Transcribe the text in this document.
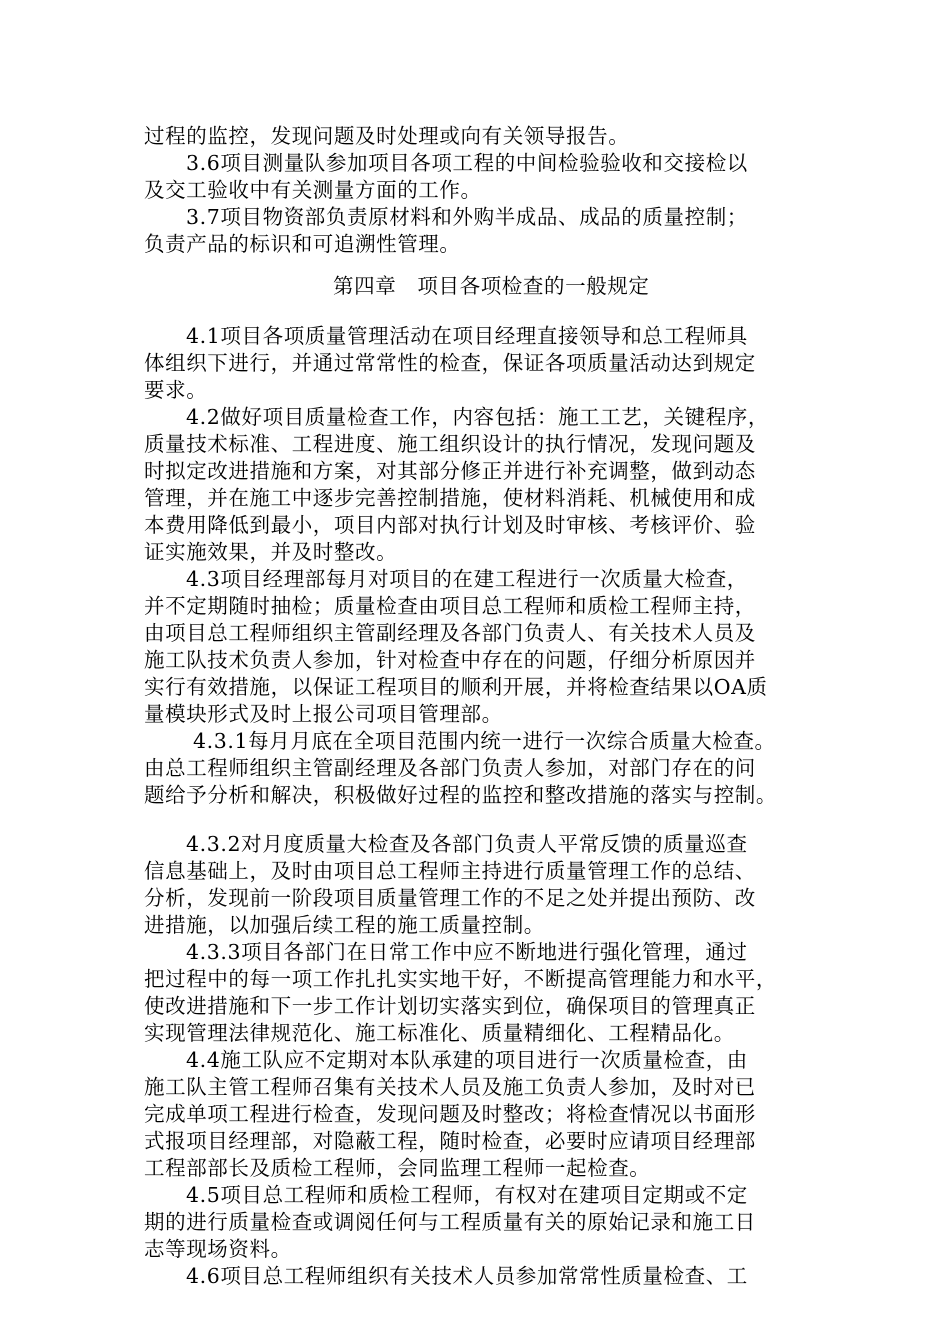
过程的监控，发现问题及时处理或向有关领导报告。
3.6项目测量队参加项目各项工程的中间检验验收和交接检以
及交工验收中有关测量方面的工作。
3.7项目物资部负责原材料和外购半成品、成品的质量控制；
负责产品的标识和可追溯性管理。
第四章　项目各项检查的一般规定
4.1项目各项质量管理活动在项目经理直接领导和总工程师具
体组织下进行，并通过常常性的检查，保证各项质量活动达到规定
要求。
4.2做好项目质量检查工作，内容包括：施工工艺，关键程序，
质量技术标准、工程进度、施工组织设计的执行情况，发现问题及
时拟定改进措施和方案，对其部分修正并进行补充调整，做到动态
管理，并在施工中逐步完善控制措施，使材料消耗、机械使用和成
本费用降低到最小，项目内部对执行计划及时审核、考核评价、验
证实施效果，并及时整改。
4.3项目经理部每月对项目的在建工程进行一次质量大检查，
并不定期随时抽检；质量检查由项目总工程师和质检工程师主持，
由项目总工程师组织主管副经理及各部门负责人、有关技术人员及
施工队技术负责人参加，针对检查中存在的问题，仔细分析原因并
实行有效措施，以保证工程项目的顺利开展，并将检查结果以OA质
量模块形式及时上报公司项目管理部。
4.3.1每月月底在全项目范围内统一进行一次综合质量大检查。
由总工程师组织主管副经理及各部门负责人参加，对部门存在的问
题给予分析和解决，积极做好过程的监控和整改措施的落实与控制。
4.3.2对月度质量大检查及各部门负责人平常反馈的质量巡查
信息基础上，及时由项目总工程师主持进行质量管理工作的总结、
分析，发现前一阶段项目质量管理工作的不足之处并提出预防、改
进措施，以加强后续工程的施工质量控制。
4.3.3项目各部门在日常工作中应不断地进行强化管理，通过
把过程中的每一项工作扎扎实实地干好，不断提高管理能力和水平，
使改进措施和下一步工作计划切实落实到位，确保项目的管理真正
实现管理法律规范化、施工标准化、质量精细化、工程精品化。
4.4施工队应不定期对本队承建的项目进行一次质量检查，由
施工队主管工程师召集有关技术人员及施工负责人参加，及时对已
完成单项工程进行检查，发现问题及时整改；将检查情况以书面形
式报项目经理部，对隐蔽工程，随时检查，必要时应请项目经理部
工程部部长及质检工程师，会同监理工程师一起检查。
4.5项目总工程师和质检工程师，有权对在建项目定期或不定
期的进行质量检查或调阅任何与工程质量有关的原始记录和施工日
志等现场资料。
4.6项目总工程师组织有关技术人员参加常常性质量检查、工
